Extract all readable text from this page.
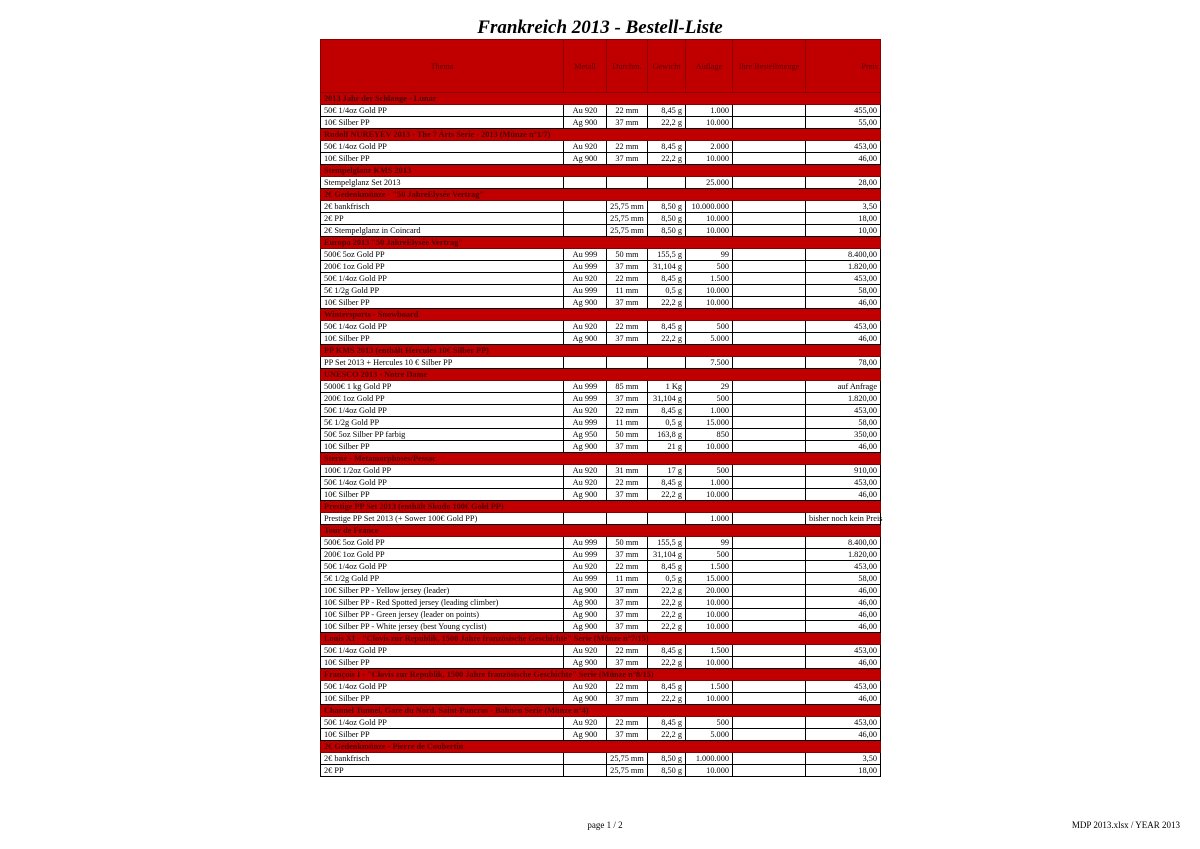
Frankreich 2013 - Bestell-Liste
Thema	Metall	Durchm.	Gewicht	Auflage	Ihre Bestellmenge	Preis
2013 Jahr der Schlange - Lunar						
50€ 1/4oz Gold PP	Au 920	22 mm	8,45 g	1.000		455,00
10€ Silber PP	Ag 900	37 mm	22,2 g	10.000		55,00
Rudolf NUREYEV 2013 - The 7 Arts Serie - 2013 (Münze n°1/7)						
50€ 1/4oz Gold PP	Au 920	22 mm	8,45 g	2.000		453,00
10€ Silber PP	Ag 900	37 mm	22,2 g	10.000		46,00
Stempelglanz KMS 2013						
Stempelglanz Set 2013				25.000		28,00
2€ Gedenkmünze - "50 JahreElysée Vertrag"						
2€ bankfrisch		25,75 mm	8,50 g	10.000.000		3,50
2€ PP		25,75 mm	8,50 g	10.000		18,00
2€ Stempelglanz in Coincard		25,75 mm	8,50 g	10.000		10,00
Europa 2013 "50 JahreElysée Vertrag"						
500€ 5oz Gold PP	Au 999	50 mm	155,5 g	99		8.400,00
200€ 1oz Gold PP	Au 999	37 mm	31,104 g	500		1.820,00
50€ 1/4oz Gold PP	Au 920	22 mm	8,45 g	1.500		453,00
5€ 1/2g Gold PP	Au 999	11 mm	0,5 g	10.000		58,00
10€ Silber PP	Ag 900	37 mm	22,2 g	10.000		46,00
Wintersports - Snowboard						
50€ 1/4oz Gold PP	Au 920	22 mm	8,45 g	500		453,00
10€ Silber PP	Ag 900	37 mm	22,2 g	5.000		46,00
PP KMS 2013 (enthält Hercules 10€ Silber PP)						
PP Set 2013 + Hercules 10 € Silber PP				7.500		78,00
UNESCO 2013 - Notre Dame						
5000€ 1 kg Gold PP	Au 999	85 mm	1 Kg	29		auf Anfrage
200€ 1oz Gold PP	Au 999	37 mm	31,104 g	500		1.820,00
50€ 1/4oz Gold PP	Au 920	22 mm	8,45 g	1.000		453,00
5€ 1/2g Gold PP	Au 999	11 mm	0,5 g	15.000		58,00
50€ 5oz Silber PP farbig	Ag 950	50 mm	163,8 g	850		350,00
10€ Silber PP	Ag 900	37 mm	21 g	10.000		46,00
Sterne - Metamorphoses/Pessac						
100€ 1/2oz Gold PP	Au 920	31 mm	17 g	500		910,00
50€ 1/4oz Gold PP	Au 920	22 mm	8,45 g	1.000		453,00
10€ Silber PP	Ag 900	37 mm	22,2 g	10.000		46,00
Prestige PP Set 2013 (enthält Skudo 100€ Gold PP)						
Prestige PP Set 2013 (+ Sower 100€ Gold PP)				1.000		bisher noch kein Preis
Tour de France						
500€ 5oz Gold PP	Au 999	50 mm	155,5 g	99		8.400,00
200€ 1oz Gold PP	Au 999	37 mm	31,104 g	500		1.820,00
50€ 1/4oz Gold PP	Au 920	22 mm	8,45 g	1.500		453,00
5€ 1/2g Gold PP	Au 999	11 mm	0,5 g	15.000		58,00
10€ Silber PP - Yellow jersey (leader)	Ag 900	37 mm	22,2 g	20.000		46,00
10€ Silber PP - Red Spotted jersey (leading climber)	Ag 900	37 mm	22,2 g	10.000		46,00
10€ Silber PP - Green jersey (leader on points)	Ag 900	37 mm	22,2 g	10.000		46,00
10€ Silber PP - White jersey (best Young cyclist)	Ag 900	37 mm	22,2 g	10.000		46,00
Louis XI - "Clovis zur Republik, 1500 Jahre französische Geschichte" Serie (Münze n°7/15)						
50€ 1/4oz Gold PP	Au 920	22 mm	8,45 g	1.500		453,00
10€ Silber PP	Ag 900	37 mm	22,2 g	10.000		46,00
François I - "Clovis zur Republik, 1500 Jahre französische Geschichte" Serie (Münze n°8/15)						
50€ 1/4oz Gold PP	Au 920	22 mm	8,45 g	1.500		453,00
10€ Silber PP	Ag 900	37 mm	22,2 g	10.000		46,00
Channel Tunnel, Gare du Nord, Saint-Pancras - Bahnen Serie (Münze n°4)						
50€ 1/4oz Gold PP	Au 920	22 mm	8,45 g	500		453,00
10€ Silber PP	Ag 900	37 mm	22,2 g	5.000		46,00
2€ Gedenkmünze - Pierre de Coubertin						
2€ bankfrisch		25,75 mm	8,50 g	1.000.000		3,50
2€ PP		25,75 mm	8,50 g	10.000		18,00
page 1 / 2	MDP 2013.xlsx / YEAR 2013
